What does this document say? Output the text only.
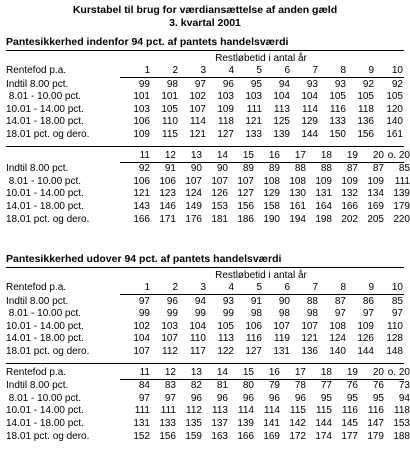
Kurstabel til brug for værdiansættelse af anden gæld
3. kvartal 2001
Pantesikkerhed indenfor 94 pct. af pantets handelsværdi
Restløbetid i antal år
Rentefod p.a.	1	2	3	4	5	6	7	8	9	10
Indtil 8.00 pct.	99	98	97	96	95	94	93	93	92	92
8.01 - 10.00 pct.	101	101	102	103	103	104	104	105	105	105
10.01 - 14.00 pct.	103	105	107	109	111	113	114	116	118	120
14.01 - 18.00 pct.	106	110	114	118	121	125	129	133	136	140
18.01 pct. og dero.	109	115	121	127	133	139	144	150	156	161
11	12	13	14	15	16	17	18	19	20 o. 20
Indtil 8.00 pct.	92	91	90	90	89	89	88	88	87	87	85
8.01 - 10.00 pct.	106 106 107 107 107 108 108 109 109 109	111
10.01 - 14.00 pct.	121 123 124 126 127 129 130 131 132 134 139
14.01 - 18.00 pct.	143 146 149 153 156 158 161 164 166 169 179
18.01 pct. og dero.	166 171 176 181 186 190 194 198 202 205 220
Pantesikkerhed udover 94 pct. af pantets handelsværdi
Restløbetid i antal år
Rentefod p.a.	1	2	3	4	5	6	7	8	9	10
Indtil 8.00 pct.	97	96	94	93	91	90	88	87	86	85
8.01 - 10.00 pct.	99	99	99	99	98	98	98	97	97	97
10.01 - 14.00 pct.	102	103	104	105	106	107	107	108	109	110
14.01 - 18.00 pct.	104	107	110	113	116	119	121	124	126	128
18.01 pct. og dero.	107	112	117	122	127	131	136	140	144	148
Rentefod p.a.	11	12	13	14	15	16	17	18	19	20 o. 20
Indtil 8.00 pct.	84	83	82	81	80	79	78	77	76	76	73
8.01 - 10.00 pct.	97	97	96	96	96	96	96	95	95	95	94
10.01 - 14.00 pct.	111	111	112	113	114	114	115	115	116	116	118
14.01 - 18.00 pct.	131 133 135 137 139 141 142 144 145 147 153
18.01 pct. og dero.	152 156 159 163 166 169 172 174 177 179 188
